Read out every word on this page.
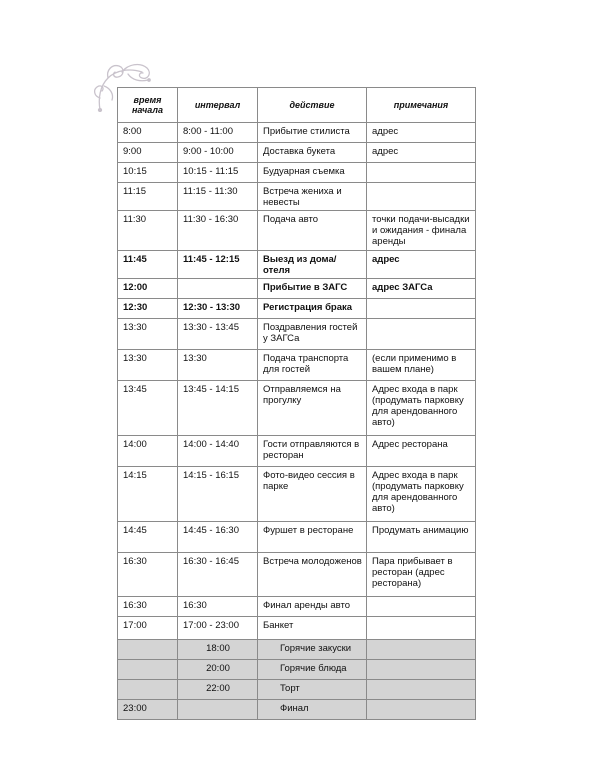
время начала	интервал	действие	примечания
8:00	8:00 - 11:00	Прибытие стилиста	адрес
9:00	9:00 - 10:00	Доставка букета	адрес
10:15	10:15 - 11:15	Будуарная съемка	
11:15	11:15 - 11:30	Встреча жениха и невесты	
11:30	11:30 - 16:30	Подача авто	точки подачи-высадки и ожидания - финала аренды
11:45	11:45 - 12:15	Выезд из дома/отеля	адрес
12:00		Прибытие в ЗАГС	адрес ЗАГСа
12:30	12:30 - 13:30	Регистрация брака	
13:30	13:30 - 13:45	Поздравления гостей у ЗАГСа	
13:30	13:30	Подача транспорта для гостей	(если применимо в вашем плане)
13:45	13:45 - 14:15	Отправляемся на прогулку	Адрес входа в парк (продумать парковку для арендованного авто)
14:00	14:00 - 14:40	Гости отправляются в ресторан	Адрес ресторана
14:15	14:15 - 16:15	Фото-видео сессия в парке	Адрес входа в парк (продумать парковку для арендованного авто)
14:45	14:45 - 16:30	Фуршет в ресторане	Продумать анимацию
16:30	16:30 - 16:45	Встреча молодоженов	Пара прибывает в ресторан (адрес ресторана)
16:30	16:30	Финал аренды авто	
17:00	17:00 - 23:00	Банкет	
	18:00	Горячие закуски	
	20:00	Горячие блюда	
	22:00	Торт	
23:00		Финал	
